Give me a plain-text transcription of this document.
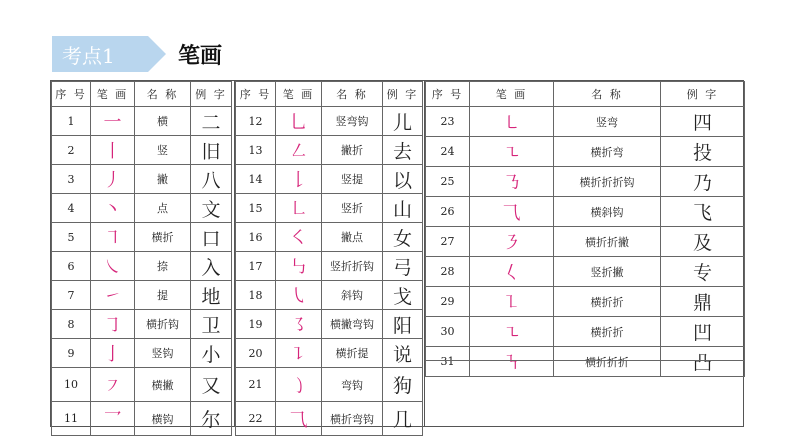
考点1	笔画
序 号	笔 画	名 称	例 字
1	一	横	二
2	丨	竖	旧
3	丿	撇	八
4	丶	点	文
5	㇕	横折	口
6	㇏	捺	入
7	㇀	提	地
8	㇆	横折钩	卫
9	亅	竖钩	小
10	㇇	横撇	又
11	乛	横钩	尔
序 号	笔 画	名 称	例 字
12	乚	竖弯钩	儿
13	㇜	撇折	去
14	𠄌	竖提	以
15	㇗	竖折	山
16	㇛	撇点	女
17	㇉	竖折折钩	弓
18	㇂	斜钩	戈
19	㇌	横撇弯钩	阳
20	㇊	横折提	说
21	㇁	弯钩	狗
22	⺄	横折弯钩	几
序 号	笔 画	名 称	例 字
23	㇄	竖弯	四
24	㇍	横折弯	投
25	㇡	横折折折钩	乃
26	⺄	横斜钩	飞
27	㇋	横折折撇	及
28	𡿨	竖折撇	专
29	㇅	横折折	鼎
30	㇍	横折折	凹
31	㇎	横折折折	凸
